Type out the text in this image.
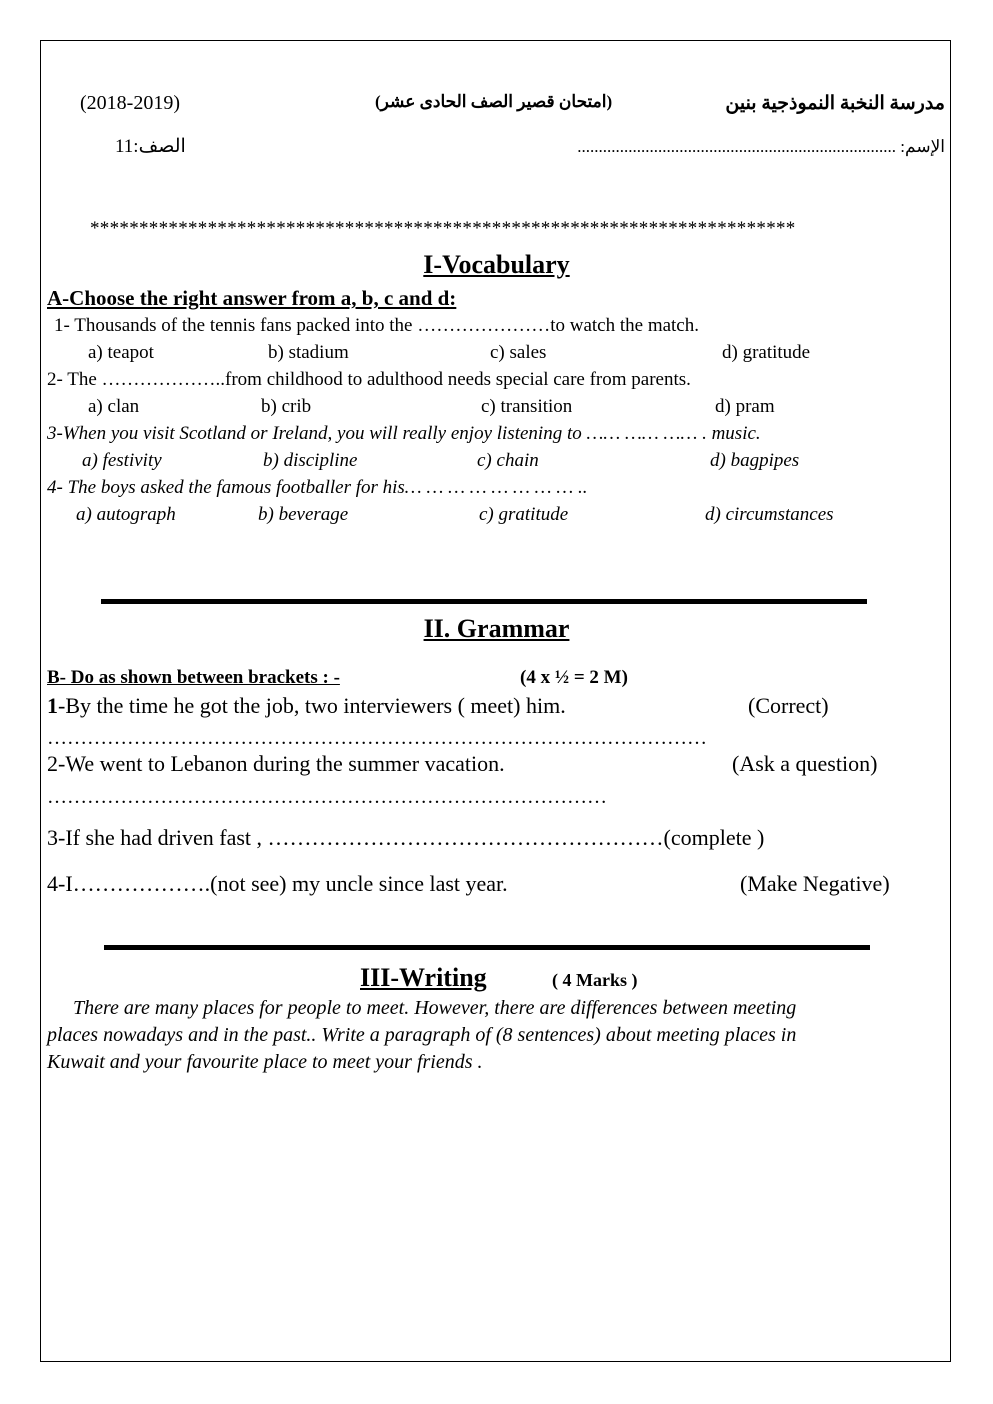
مدرسة النخبة النموذجية بنين
(امتحان قصير الصف الحادى عشر)
(2018-2019)
الإسم: ...........................................................................
الصف:11
************************************************************************
I-Vocabulary
A-Choose the right answer from a, b, c and d:
1- Thousands of the tennis fans packed into the …………………to watch the match.
a) teapot	b) stadium	c) sales	d) gratitude
2- The ………………..from childhood to adulthood needs special care from parents.
a) clan	b) crib	c) transition	d) pram
3-When you visit Scotland or Ireland, you will really enjoy listening to …… …… …… . music.
a) festivity	b) discipline	c) chain	d) bagpipes
4- The boys asked the famous footballer for his… … … … … … … … ..
a) autograph	b) beverage	c) gratitude	d) circumstances
II. Grammar
B- Do as shown between brackets : -	(4 x ½ = 2 M)
1-By the time he got the job, two interviewers ( meet) him.	(Correct)
………………………………………………………………………………………
2-We went to Lebanon during the summer vacation.	(Ask a question)
…………………………………………………………………………
3-If she had driven fast , ………………………………………………(complete )
4-I……………….(not see) my uncle since last year.	(Make Negative)
III-Writing	( 4 Marks )
There are many places for people to meet. However, there are differences between meeting
places nowadays and in the past.. Write a paragraph of (8 sentences) about meeting places in
Kuwait and your favourite place to meet your friends .
